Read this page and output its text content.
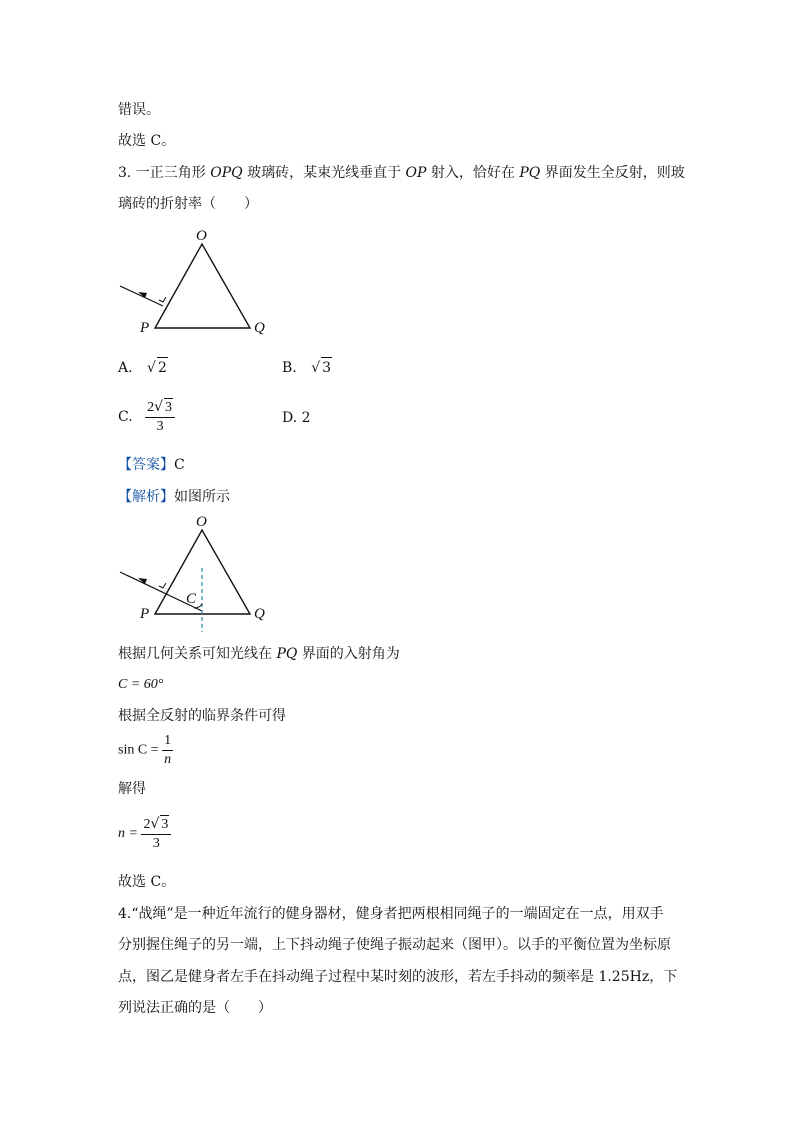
错误。
故选 C。
3. 一正三角形 OPQ 玻璃砖，某束光线垂直于 OP 射入，恰好在 PQ 界面发生全反射，则玻
璃砖的折射率（　　）
O
P	Q
A. √ 2	B. √ 3
C. $\frac{2√ 3}{3}$	D. 2
【答案】C
【解析】如图所示
O
P	Q
C
根据几何关系可知光线在 PQ 界面的入射角为
C = 60°
根据全反射的临界条件可得
$\sin C = \frac{1}{n}$
解得
$n = \frac{2√ 3}{3}$
故选 C。
4.“战绳”是一种近年流行的健身器材，健身者把两根相同绳子的一端固定在一点，用双手
分别握住绳子的另一端，上下抖动绳子使绳子振动起来（图甲）。以手的平衡位置为坐标原
点，图乙是健身者左手在抖动绳子过程中某时刻的波形，若左手抖动的频率是 1.25Hz，下
列说法正确的是（　　）
